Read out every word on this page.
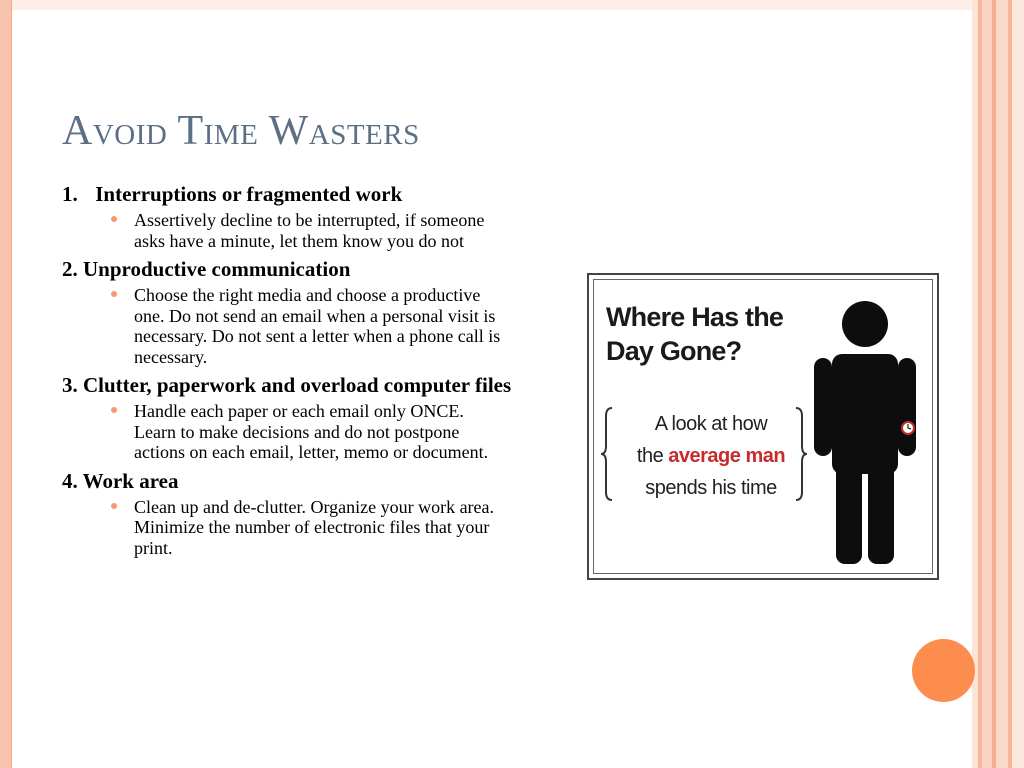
Avoid Time Wasters
1. Interruptions or fragmented work
Assertively decline to be interrupted, if someone asks have a minute, let them know you do not
2. Unproductive communication
Choose the right media and choose a productive one. Do not send an email when a personal visit is necessary. Do not sent a letter when a phone call is necessary.
3. Clutter, paperwork and overload computer files
Handle each paper or each email only ONCE. Learn to make decisions and do not postpone actions on each email, letter, memo or document.
4. Work area
Clean up and de-clutter. Organize your work area. Minimize the number of electronic files that your print.
Where Has the
Day Gone?
A look at how
the average man
spends his time
